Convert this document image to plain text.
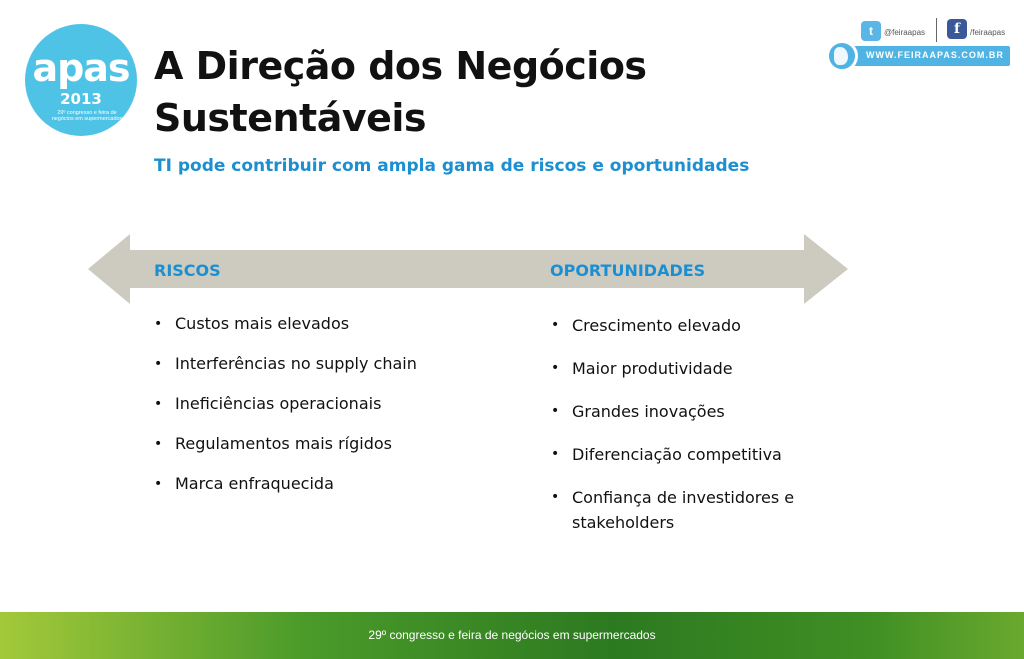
apas
2013
29º congresso e feira de negócios em supermercados
A Direção dos Negócios Sustentáveis
TI pode contribuir com ampla gama de riscos e oportunidades
t	@feiraapas	f	/feiraapas
WWW.FEIRAAPAS.COM.BR
RISCOS	OPORTUNIDADES
• Custos mais elevados
• Interferências no supply chain
• Ineficiências operacionais
• Regulamentos mais rígidos
• Marca enfraquecida
• Crescimento elevado
• Maior produtividade
• Grandes inovações
• Diferenciação competitiva
• Confiança de investidores e stakeholders
29º congresso e feira de negócios em supermercados
